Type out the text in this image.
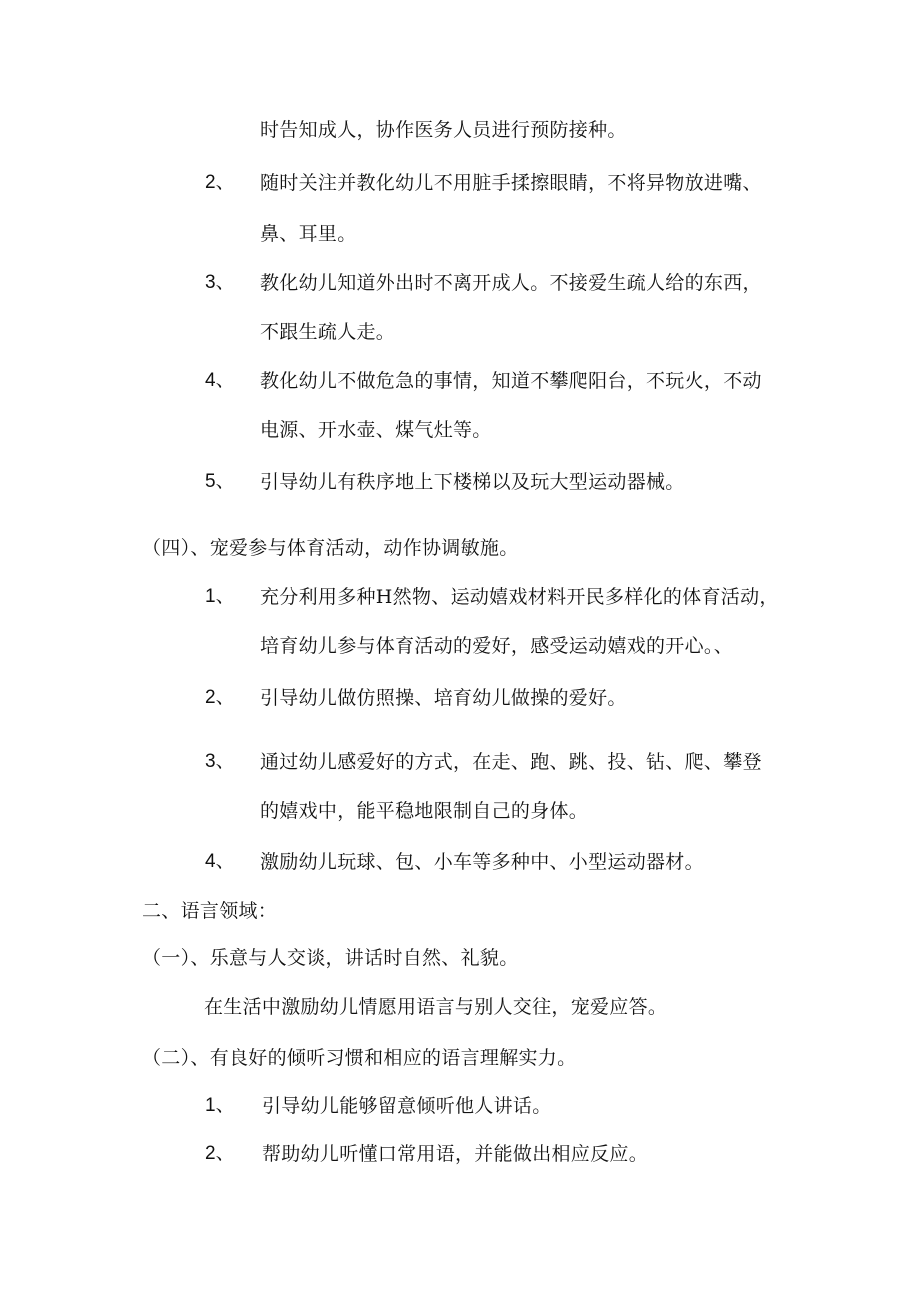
时告知成人，协作医务人员进行预防接种。
2、 随时关注并教化幼儿不用脏手揉擦眼睛，不将异物放进嘴、
鼻、耳里。
3、 教化幼儿知道外出时不离开成人。不接爱生疏人给的东西，
不跟生疏人走。
4、 教化幼儿不做危急的事情，知道不攀爬阳台，不玩火，不动
电源、开水壶、煤气灶等。
5、 引导幼儿有秩序地上下楼梯以及玩大型运动器械。
（四）、宠爱参与体育活动，动作协调敏施。
1、 充分利用多种H然物、运动嬉戏材料开民多样化的体育活动，
培育幼儿参与体育活动的爱好，感受运动嬉戏的开心。、
2、 引导幼儿做仿照操、培育幼儿做操的爱好。
3、 通过幼儿感爱好的方式，在走、跑、跳、投、钻、爬、攀登
的嬉戏中，能平稳地限制自己的身体。
4、 激励幼儿玩球、包、小车等多种中、小型运动器材。
二、语言领域：
（一）、乐意与人交谈，讲话时自然、礼貌。
在生活中激励幼儿情愿用语言与别人交往，宠爱应答。
（二）、有良好的倾听习惯和相应的语言理解实力。
1、 引导幼儿能够留意倾听他人讲话。
2、 帮助幼儿听懂口常用语，并能做出相应反应。
